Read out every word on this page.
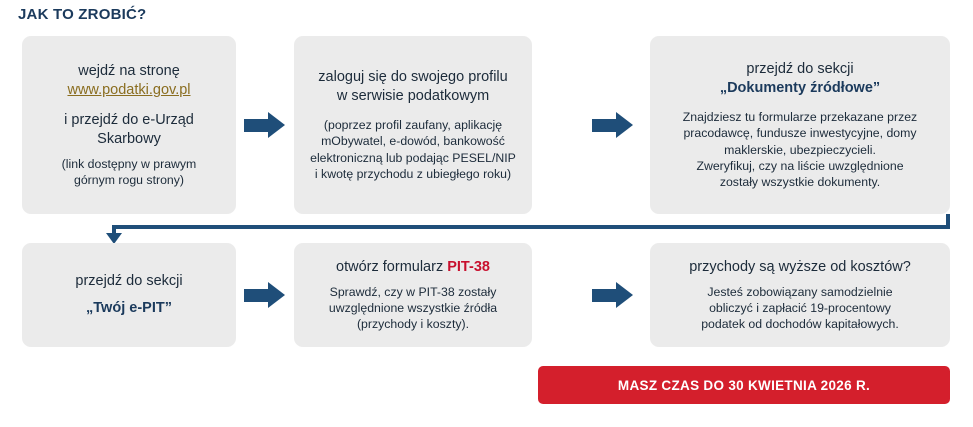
JAK TO ZROBIĆ?
wejdź na stronę
www.podatki.gov.pl
i przejdź do e-Urząd
Skarbowy
(link dostępny w prawym
górnym rogu strony)
zaloguj się do swojego profilu
w serwisie podatkowym
(poprzez profil zaufany, aplikację
mObywatel, e-dowód, bankowość
elektroniczną lub podając PESEL/NIP
i kwotę przychodu z ubiegłego roku)
przejdź do sekcji
„Dokumenty źródłowe”
Znajdziesz tu formularze przekazane przez
pracodawcę, fundusze inwestycyjne, domy
maklerskie, ubezpieczycieli.
Zweryfikuj, czy na liście uwzględnione
zostały wszystkie dokumenty.
przejdź do sekcji
„Twój e-PIT”
otwórz formularz PIT-38
Sprawdź, czy w PIT-38 zostały
uwzględnione wszystkie źródła
(przychody i koszty).
przychody są wyższe od kosztów?
Jesteś zobowiązany samodzielnie
obliczyć i zapłacić 19-procentowy
podatek od dochodów kapitałowych.
MASZ CZAS DO 30 KWIETNIA 2026 R.
